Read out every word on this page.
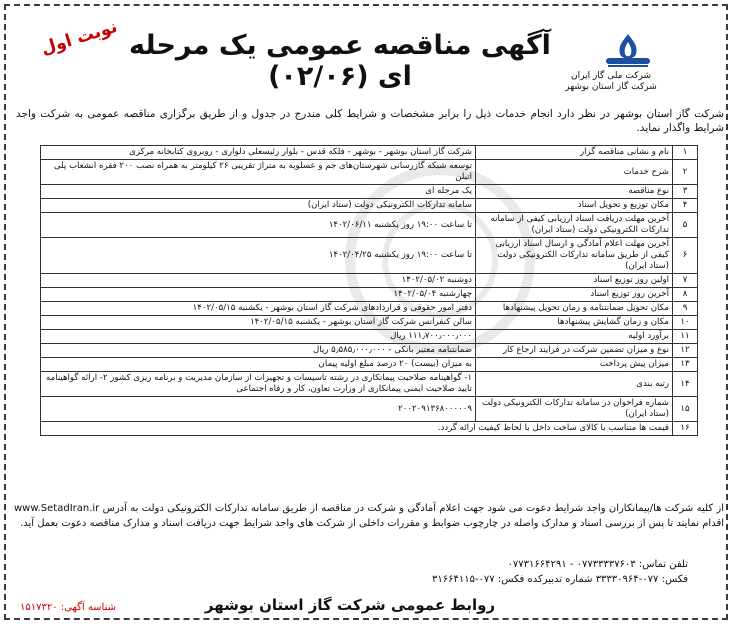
شرکت ملی گاز ایران
شرکت گاز استان بوشهر
آگهی مناقصه عمومی یک مرحله ای (۰۲/۰۶)
نوبت اول
شرکت گاز استان بوشهر در نظر دارد انجام خدمات ذیل را برابر مشخصات و شرایط کلی مندرج در جدول و از طریق برگزاری مناقصه عمومی به شرکت واجد شرایط واگذار نماید.
۱	نام و نشانی مناقصه گزار	شرکت گاز استان بوشهر - بوشهر - فلکه قدس - بلوار رئیسعلی دلواری - روبروی کتابخانه مرکزی
۲	شرح خدمات	توسعه شبکه گازرسانی شهرستان‌های جم و عسلویه به متراژ تقریبی ۲۶ کیلومتر به همراه نصب ۲۰۰ فقره انشعاب پلی اتیلن
۳	نوع مناقصه	یک مرحله ای
۴	مکان توزیع و تحویل اسناد	سامانه تدارکات الکترونیکی دولت (ستاد ایران)
۵	آخرین مهلت دریافت اسناد ارزیابی کیفی از سامانه تدارکات الکترونیکی دولت (ستاد ایران)	تا ساعت ۱۹:۰۰ روز یکشنبه ۱۴۰۲/۰۶/۱۱
۶	آخرین مهلت اعلام آمادگی و ارسال اسناد ارزیابی کیفی از طریق سامانه تدارکات الکترونیکی دولت (ستاد ایران)	تا ساعت ۱۹:۰۰ روز یکشنبه ۱۴۰۲/۰۴/۲۵
۷	اولین روز توزیع اسناد	دوشنبه ۱۴۰۲/۰۵/۰۲
۸	آخرین روز توزیع اسناد	چهارشنبه ۱۴۰۲/۰۵/۰۴
۹	مکان تحویل ضمانتنامه و زمان تحویل پیشنهادها	دفتر امور حقوقی و قراردادهای شرکت گاز استان بوشهر - یکشنبه ۱۴۰۲/۰۵/۱۵
۱۰	مکان و زمان گشایش پیشنهادها	سالن کنفرانس شرکت گاز استان بوشهر - یکشنبه ۱۴۰۲/۰۵/۱۵
۱۱	برآورد اولیه	۱۱۱٫۷۰۰٫۰۰۰٫۰۰۰ ریال
۱۲	نوع و میزان تضمین شرکت در فرایند ارجاع کار	ضمانتنامه معتبر بانکی - ۵٫۵۸۵٫۰۰۰٫۰۰۰ ریال
۱۳	میزان پیش پرداخت	به میزان (بیست) ۲۰ درصد مبلغ اولیه پیمان
۱۴	رتبه بندی	۱- گواهینامه صلاحیت پیمانکاری در رشته تاسیسات و تجهیزات از سازمان مدیریت و برنامه ریزی کشور ۲- ارائه گواهینامه تایید صلاحیت ایمنی پیمانکاری از وزارت تعاون، کار و رفاه اجتماعی
۱۵	شماره فراخوان در سامانه تدارکات الکترونیکی دولت (ستاد ایران)	۲۰۰۲۰۹۱۳۶۸۰۰۰۰۰۹
۱۶	قیمت ها متناسب با کالای ساخت داخل با لحاظ کیفیت ارائه گردد.	
از کلیه شرکت ها/پیمانکاران واجد شرایط دعوت می شود جهت اعلام آمادگی و شرکت در مناقصه از طریق سامانه تدارکات الکترونیکی دولت به آدرس www.SetadIran.ir اقدام نمایند تا پس از بررسی اسناد و مدارک واصله در چارچوب ضوابط و مقررات داخلی از شرکت های واجد شرایط جهت دریافت اسناد و مدارک مناقصه دعوت بعمل آید.
تلفن تماس: ۰۷۷۳۳۳۳۷۶۰۳ - ۰۷۷۳۱۶۶۴۲۹۱
فکس: ۰۷۷-۳۳۳۳۰۹۶۴ شماره تدبیرکده فکس: ۰۷۷-۳۱۶۶۴۱۱۵
روابط عمومی شرکت گاز استان بوشهر
شناسه آگهی: ۱۵۱۷۳۲۰
